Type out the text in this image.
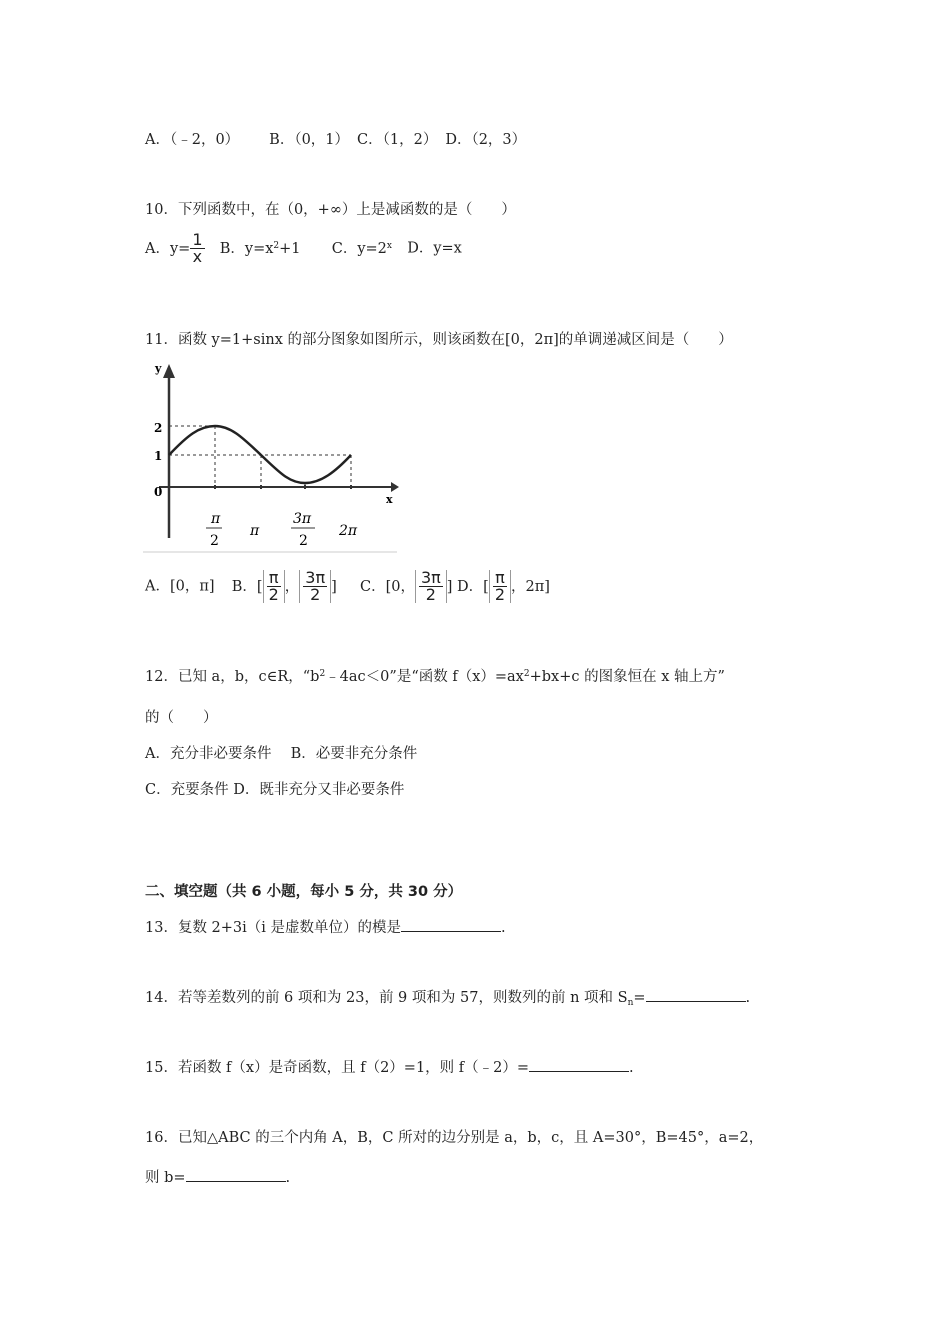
A．（﹣2，0） B．（0，1） C．（1，2） D．（2，3）
10．下列函数中，在（0，+∞）上是减函数的是（　　）
A．$y= \frac{1}{x}$ B．$y=x^2+1$ C．$y=2^x$ D．y=x
11．函数 y=1+sinx 的部分图象如图所示，则该函数在[0，2π]的单调递减区间是（　　）
y
x
2
1
0
π
2
π
3π
2
2π
A．[0，π] B．[ $\frac{\pi}{2}$ ， $\frac{3\pi}{2}$ ] C．[0， $\frac{3\pi}{2}$ ] D．[ $\frac{\pi}{2}$ ，2π]
12．已知 a，b，c∈R，“$b^2﹣4ac<0$”是“函数 $f(x)=ax^2+bx+c$ 的图象恒在 x 轴上方”
的（　　）
A．充分非必要条件　 B．必要非充分条件
C．充要条件 D．既非充分又非必要条件
二、填空题（共 6 小题，每小 5 分，共 30 分）
13．复数 2+3i（i 是虚数单位）的模是	.
14．若等差数列的前 6 项和为 23，前 9 项和为 57，则数列的前 n 项和 $S_n=$	.
15．若函数 f（x）是奇函数，且 f（2）=1，则 f（﹣2）=	.
16．已知△ABC 的三个内角 A，B，C 所对的边分别是 a，b，c，且 A=30°，B=45°，a=2，
则 b=	.
